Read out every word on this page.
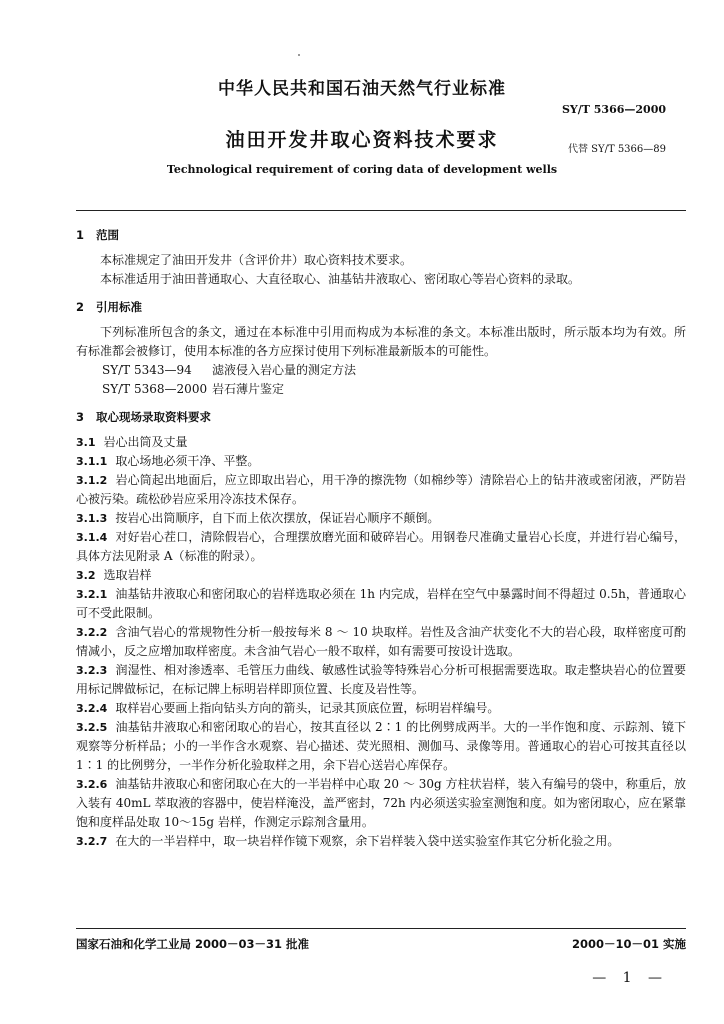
中华人民共和国石油天然气行业标准
SY/T 5366—2000
油田开发井取心资料技术要求	代替 SY/T 5366—89
Technological requirement of coring data of development wells

1 范围

本标准规定了油田开发井（含评价井）取心资料技术要求。

本标准适用于油田普通取心、大直径取心、油基钻井液取心、密闭取心等岩心资料的录取。

2 引用标准

下列标准所包含的条文，通过在本标准中引用而构成为本标准的条文。本标准出版时，所示版本均为有效。所有标准都会被修订，使用本标准的各方应探讨使用下列标准最新版本的可能性。

SY/T 5343—94 滤液侵入岩心量的测定方法

SY/T 5368—2000 岩石薄片鉴定

3 取心现场录取资料要求

3.1 岩心出筒及丈量

3.1.1 取心场地必须干净、平整。

3.1.2 岩心筒起出地面后，应立即取出岩心，用干净的擦洗物（如棉纱等）清除岩心上的钻井液或密闭液，严防岩心被污染。疏松砂岩应采用冷冻技术保存。

3.1.3 按岩心出筒顺序，自下而上依次摆放，保证岩心顺序不颠倒。

3.1.4 对好岩心茬口，清除假岩心，合理摆放磨光面和破碎岩心。用钢卷尺准确丈量岩心长度，并进行岩心编号，具体方法见附录 A（标准的附录）。

3.2 选取岩样

3.2.1 油基钻井液取心和密闭取心的岩样选取必须在 1h 内完成，岩样在空气中暴露时间不得超过 0.5h，普通取心可不受此限制。

3.2.2 含油气岩心的常规物性分析一般按每米 8 ～ 10 块取样。岩性及含油产状变化不大的岩心段，取样密度可酌情减小，反之应增加取样密度。未含油气岩心一般不取样，如有需要可按设计选取。

3.2.3 润湿性、相对渗透率、毛管压力曲线、敏感性试验等特殊岩心分析可根据需要选取。取走整块岩心的位置要用标记牌做标记，在标记牌上标明岩样即顶位置、长度及岩性等。

3.2.4 取样岩心要画上指向钻头方向的箭头，记录其顶底位置，标明岩样编号。

3.2.5 油基钻井液取心和密闭取心的岩心，按其直径以 2∶1 的比例劈成两半。大的一半作饱和度、示踪剂、镜下观察等分析样品；小的一半作含水观察、岩心描述、荧光照相、测伽马、录像等用。普通取心的岩心可按其直径以 1∶1 的比例劈分，一半作分析化验取样之用，余下岩心送岩心库保存。

3.2.6 油基钻井液取心和密闭取心在大的一半岩样中心取 20 ～ 30g 方柱状岩样，装入有编号的袋中，称重后，放入装有 40mL 萃取液的容器中，使岩样淹没，盖严密封，72h 内必须送实验室测饱和度。如为密闭取心，应在紧靠饱和度样品处取 10～15g 岩样，作测定示踪剂含量用。

3.2.7 在大的一半岩样中，取一块岩样作镜下观察，余下岩样装入袋中送实验室作其它分析化验之用。

国家石油和化学工业局 2000－03－31 批准	2000－10－01 实施
— 1 —
